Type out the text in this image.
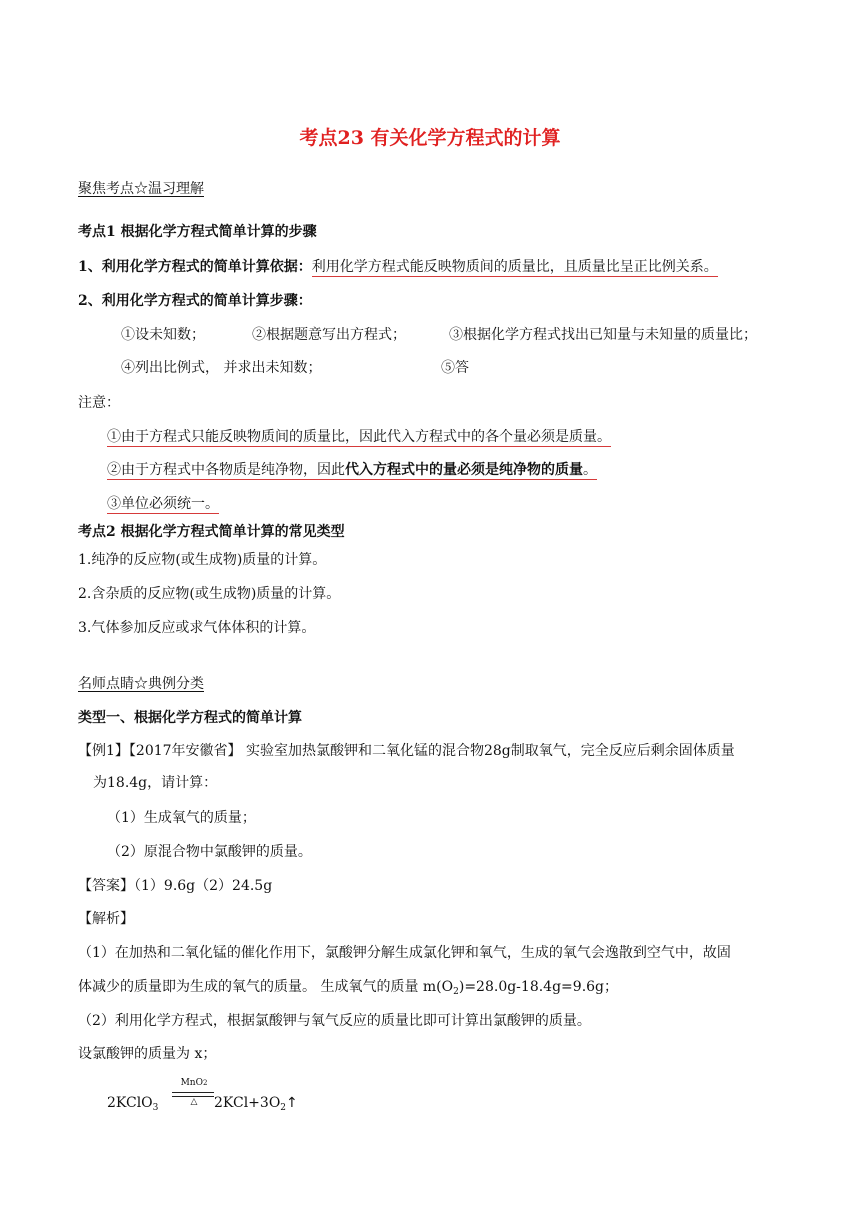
考点23 有关化学方程式的计算
聚焦考点☆温习理解
考点1 根据化学方程式简单计算的步骤
1、利用化学方程式的简单计算依据：利用化学方程式能反映物质间的质量比，且质量比呈正比例关系。
2、利用化学方程式的简单计算步骤：
①设未知数；	②根据题意写出方程式；	③根据化学方程式找出已知量与未知量的质量比；
④列出比例式， 并求出未知数；	⑤答
注意：
①由于方程式只能反映物质间的质量比，因此代入方程式中的各个量必须是质量。
②由于方程式中各物质是纯净物，因此代入方程式中的量必须是纯净物的质量。
③单位必须统一。
考点2 根据化学方程式简单计算的常见类型
1.纯净的反应物(或生成物)质量的计算。
2.含杂质的反应物(或生成物)质量的计算。
3.气体参加反应或求气体体积的计算。
名师点睛☆典例分类
类型一、根据化学方程式的简单计算
【例1】【2017年安徽省】 实验室加热氯酸钾和二氧化锰的混合物28g制取氧气，完全反应后剩余固体质量
为18.4g，请计算：
（1）生成氧气的质量；
（2）原混合物中氯酸钾的质量。
【答案】（1）9.6g（2）24.5g
【解析】
（1）在加热和二氧化锰的催化作用下，氯酸钾分解生成氯化钾和氧气，生成的氧气会逸散到空气中，故固
体减少的质量即为生成的氧气的质量。 生成氧气的质量 $m(O_2)=28.0g-18.4g=9.6g$；
（2）利用化学方程式，根据氯酸钾与氧气反应的质量比即可计算出氯酸钾的质量。
设氯酸钾的质量为 x；
2KClO$_3$
MnO2
△	$2KCl+3O_2↑$
